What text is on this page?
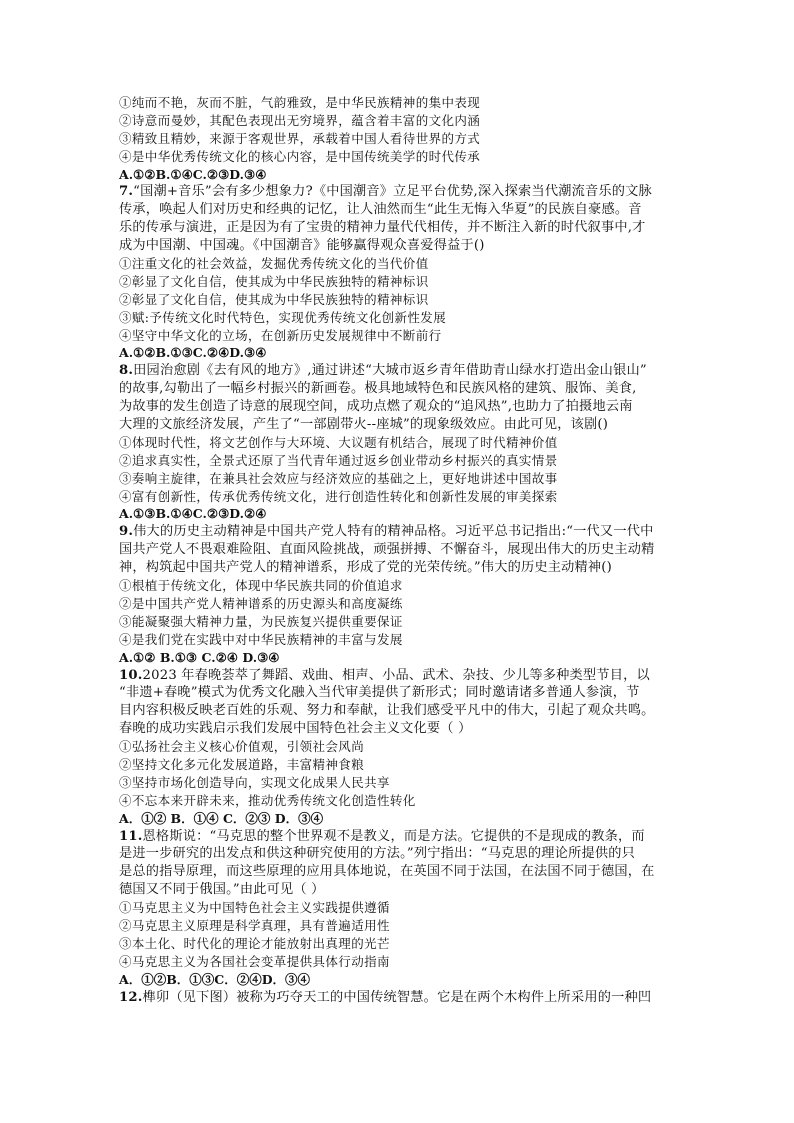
①纯而不艳，灰而不脏，气韵雅致，是中华民族精神的集中表现
②诗意而曼妙，其配色表现出无穷境界，蕴含着丰富的文化内涵
③精致且精妙，来源于客观世界，承载着中国人看待世界的方式
④是中华优秀传统文化的核心内容，是中国传统美学的时代传承
A.①②B.①④C.②③D.③④
7.“国潮+音乐”会有多少想象力?《中国潮音》立足平台优势,深入探索当代潮流音乐的文脉
传承，唤起人们对历史和经典的记忆，让人油然而生“此生无悔入华夏”的民族自豪感。音
乐的传承与演进，正是因为有了宝贵的精神力量代代相传，并不断注入新的时代叙事中,才
成为中国潮、中国魂。《中国潮音》能够赢得观众喜爱得益于()
①注重文化的社会效益，发掘优秀传统文化的当代价值
②彰显了文化自信，使其成为中华民族独特的精神标识
②彰显了文化自信，使其成为中华民族独特的精神标识
③赋:予传统文化时代特色，实现优秀传统文化创新性发展
④坚守中华文化的立场，在创新历史发展规律中不断前行
A.①②B.①③C.②④D.③④
8.田园治愈剧《去有风的地方》,通过讲述“大城市返乡青年借助青山绿水打造出金山银山”
的故事,勾勒出了一幅乡村振兴的新画卷。极具地域特色和民族风格的建筑、服饰、美食,
为故事的发生创造了诗意的展现空间，成功点燃了观众的“追风热”,也助力了拍摄地云南
大理的文旅经济发展，产生了“一部剧带火-‐座城”的现象级效应。由此可见，该剧()
①体现时代性，将文艺创作与大环境、大议题有机结合，展现了时代精神价值
②追求真实性，全景式还原了当代青年通过返乡创业带动乡村振兴的真实情景
③奏响主旋律，在兼具社会效应与经济效应的基础之上，更好地讲述中国故事
④富有创新性，传承优秀传统文化，进行创造性转化和创新性发展的审美探索
A.①③B.①④C.②③D.②④
9.伟大的历史主动精神是中国共产党人特有的精神品格。习近平总书记指出:“一代又一代中
国共产党人不畏艰难险阻、直面风险挑战，顽强拼搏、不懈奋斗，展现出伟大的历史主动精
神，构筑起中国共产党人的精神谱系，形成了党的光荣传统。”伟大的历史主动精神()
①根植于传统文化，体现中华民族共同的价值追求
②是中国共产党人精神谱系的历史源头和高度凝练
③能凝聚强大精神力量，为民族复兴提供重要保证
④是我们党在实践中对中华民族精神的丰富与发展
A.①② B.①③ C.②④ D.③④
10.2023 年春晚荟萃了舞蹈、戏曲、相声、小品、武术、杂技、少儿等多种类型节目，以
“非遗+春晚”模式为优秀文化融入当代审美提供了新形式；同时邀请诸多普通人参演，节
目内容积极反映老百姓的乐观、努力和奉献，让我们感受平凡中的伟大，引起了观众共鸣。
春晚的成功实践启示我们发展中国特色社会主义文化要（ ）
①弘扬社会主义核心价值观，引领社会风尚
②坚持文化多元化发展道路，丰富精神食粮
③坚持市场化创造导向，实现文化成果人民共享
④不忘本来开辟未来，推动优秀传统文化创造性转化
A．①② B．①④ C．②③ D．③④
11.恩格斯说：“马克思的整个世界观不是教义，而是方法。它提供的不是现成的教条，而
是进一步研究的出发点和供这种研究使用的方法。”列宁指出：“马克思的理论所提供的只
是总的指导原理，而这些原理的应用具体地说，在英国不同于法国，在法国不同于德国，在
德国又不同于俄国。”由此可见（ ）
①马克思主义为中国特色社会主义实践提供遵循
②马克思主义原理是科学真理，具有普遍适用性
③本土化、时代化的理论才能放射出真理的光芒
④马克思主义为各国社会变革提供具体行动指南
A．①②B．①③C．②④D．③④
12.榫卯（见下图）被称为巧夺天工的中国传统智慧。它是在两个木构件上所采用的一种凹
